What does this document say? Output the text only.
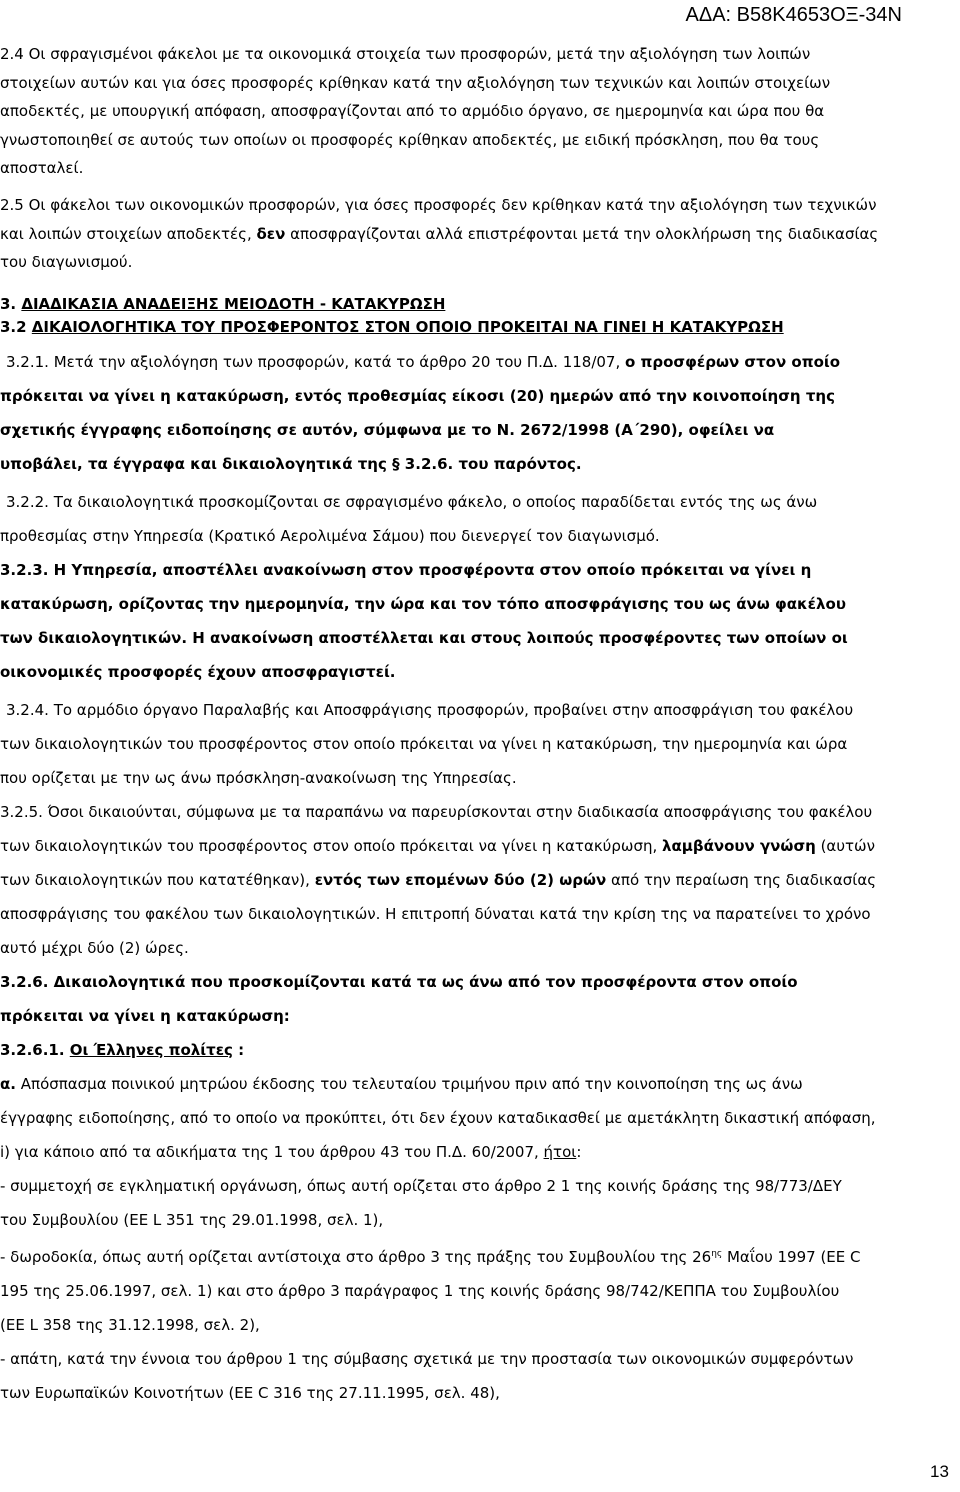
ΑΔΑ: Β58Κ4653ΟΞ-34Ν

2.4 Οι σφραγισμένοι φάκελοι με τα οικονομικά στοιχεία των προσφορών, μετά την αξιολόγηση των λοιπών

στοιχείων αυτών και για όσες προσφορές κρίθηκαν κατά την αξιολόγηση των τεχνικών και λοιπών στοιχείων

αποδεκτές, με υπουργική απόφαση, αποσφραγίζονται από το αρμόδιο όργανο, σε ημερομηνία και ώρα που θα

γνωστοποιηθεί σε αυτούς των οποίων οι προσφορές κρίθηκαν αποδεκτές, με ειδική πρόσκληση, που θα τους

αποσταλεί.

2.5 Οι φάκελοι των οικονομικών προσφορών, για όσες προσφορές δεν κρίθηκαν κατά την αξιολόγηση των τεχνικών

και λοιπών στοιχείων αποδεκτές, δεν αποσφραγίζονται αλλά επιστρέφονται μετά την ολοκλήρωση της διαδικασίας

του διαγωνισμού.

3. ΔΙΑΔΙΚΑΣΙΑ ΑΝΑΔΕΙΞΗΣ ΜΕΙΟΔΟΤΗ - ΚΑΤΑΚΥΡΩΣΗ

3.2 ΔΙΚΑΙΟΛΟΓΗΤΙΚΑ ΤΟΥ ΠΡΟΣΦΕΡΟΝΤΟΣ ΣΤΟΝ ΟΠΟΙΟ ΠΡΟΚΕΙΤΑΙ ΝΑ ΓΙΝΕΙ Η ΚΑΤΑΚΥΡΩΣΗ

3.2.1. Μετά την αξιολόγηση των προσφορών, κατά το άρθρο 20 του Π.Δ. 118/07, ο προσφέρων στον οποίο

πρόκειται να γίνει η κατακύρωση, εντός προθεσμίας είκοσι (20) ημερών από την κοινοποίηση της

σχετικής έγγραφης ειδοποίησης σε αυτόν, σύμφωνα με το Ν. 2672/1998 (Α΄290), οφείλει να

υποβάλει, τα έγγραφα και δικαιολογητικά της § 3.2.6. του παρόντος.

3.2.2. Τα δικαιολογητικά προσκομίζονται σε σφραγισμένο φάκελο, ο οποίος παραδίδεται εντός της ως άνω

προθεσμίας στην Υπηρεσία (Κρατικό Αερολιμένα Σάμου) που διενεργεί τον διαγωνισμό.

3.2.3. Η Υπηρεσία, αποστέλλει ανακοίνωση στον προσφέροντα στον οποίο πρόκειται να γίνει η

κατακύρωση, ορίζοντας την ημερομηνία, την ώρα και τον τόπο αποσφράγισης του ως άνω φακέλου

των δικαιολογητικών. Η ανακοίνωση αποστέλλεται και στους λοιπούς προσφέροντες των οποίων οι

οικονομικές προσφορές έχουν αποσφραγιστεί.

3.2.4. Το αρμόδιο όργανο Παραλαβής και Αποσφράγισης προσφορών, προβαίνει στην αποσφράγιση του φακέλου

των δικαιολογητικών του προσφέροντος στον οποίο πρόκειται να γίνει η κατακύρωση, την ημερομηνία και ώρα

που ορίζεται με την ως άνω πρόσκληση-ανακοίνωση της Υπηρεσίας.

3.2.5. Όσοι δικαιούνται, σύμφωνα με τα παραπάνω να παρευρίσκονται στην διαδικασία αποσφράγισης του φακέλου

των δικαιολογητικών του προσφέροντος στον οποίο πρόκειται να γίνει η κατακύρωση, λαμβάνουν γνώση (αυτών

των δικαιολογητικών που κατατέθηκαν), εντός των επομένων δύο (2) ωρών από την περαίωση της διαδικασίας

αποσφράγισης του φακέλου των δικαιολογητικών. Η επιτροπή δύναται κατά την κρίση της να παρατείνει το χρόνο

αυτό μέχρι δύο (2) ώρες.

3.2.6. Δικαιολογητικά που προσκομίζονται κατά τα ως άνω από τον προσφέροντα στον οποίο

πρόκειται να γίνει η κατακύρωση:

3.2.6.1. Οι Έλληνες πολίτες :

α. Απόσπασμα ποινικού μητρώου έκδοσης του τελευταίου τριμήνου πριν από την κοινοποίηση της ως άνω

έγγραφης ειδοποίησης, από το οποίο να προκύπτει, ότι δεν έχουν καταδικασθεί με αμετάκλητη δικαστική απόφαση,

i) για κάποιο από τα αδικήματα της 1 του άρθρου 43 του Π.Δ. 60/2007, ήτοι:

- συμμετοχή σε εγκληματική οργάνωση, όπως αυτή ορίζεται στο άρθρο 2 1 της κοινής δράσης της 98/773/ΔΕΥ

του Συμβουλίου (ΕΕ L 351 της 29.01.1998, σελ. 1),

- δωροδοκία, όπως αυτή ορίζεται αντίστοιχα στο άρθρο 3 της πράξης του Συμβουλίου της $26^{\eta\varsigma}$ Μαΐου 1997 (ΕΕ C

195 της 25.06.1997, σελ. 1) και στο άρθρο 3 παράγραφος 1 της κοινής δράσης 98/742/ΚΕΠΠΑ του Συμβουλίου

(ΕΕ L 358 της 31.12.1998, σελ. 2),

- απάτη, κατά την έννοια του άρθρου 1 της σύμβασης σχετικά με την προστασία των οικονομικών συμφερόντων

των Ευρωπαϊκών Κοινοτήτων (ΕΕ C 316 της 27.11.1995, σελ. 48),

13
